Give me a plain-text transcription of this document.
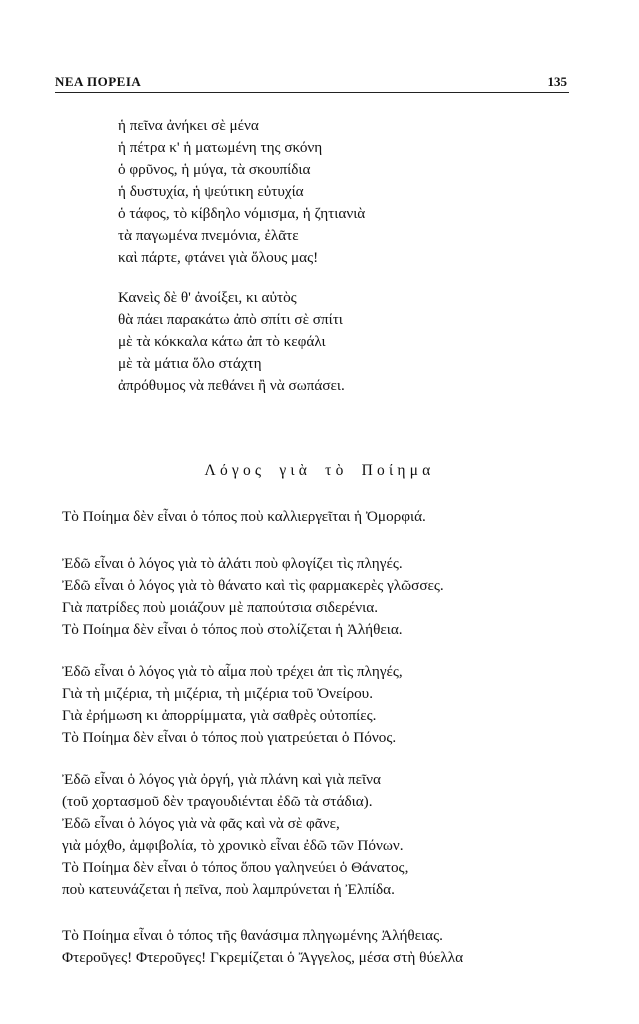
ΝΕΑ ΠΟΡΕΙΑ	135
ἡ πεῖνα ἀνήκει σὲ μένα
ἡ πέτρα κ' ἡ ματωμένη της σκόνη
ὁ φρῦνος, ἡ μύγα, τὰ σκουπίδια
ἡ δυστυχία, ἡ ψεύτικη εὐτυχία
ὁ τάφος, τὸ κίβδηλο νόμισμα, ἡ ζητιανιὰ
τὰ παγωμένα πνεμόνια, ἐλᾶτε
καὶ πάρτε, φτάνει γιὰ ὅλους μας!
Κανεὶς δὲ θ' ἀνοίξει, κι αὐτὸς
θὰ πάει παρακάτω ἀπὸ σπίτι σὲ σπίτι
μὲ τὰ κόκκαλα κάτω ἀπ τὸ κεφάλι
μὲ τὰ μάτια ὅλο στάχτη
ἀπρόθυμος νὰ πεθάνει ἢ νὰ σωπάσει.
Λόγος γιὰ τὸ Ποίημα
Τὸ Ποίημα δὲν εἶναι ὁ τόπος ποὺ καλλιεργεῖται ἡ Ὀμορφιά.
Ἐδῶ εἶναι ὁ λόγος γιὰ τὸ ἁλάτι ποὺ φλογίζει τὶς πληγές.
Ἐδῶ εἶναι ὁ λόγος γιὰ τὸ θάνατο καὶ τὶς φαρμακερὲς γλῶσσες.
Γιὰ πατρίδες ποὺ μοιάζουν μὲ παπούτσια σιδερένια.
Τὸ Ποίημα δὲν εἶναι ὁ τόπος ποὺ στολίζεται ἡ Ἀλήθεια.
Ἐδῶ εἶναι ὁ λόγος γιὰ τὸ αἷμα ποὺ τρέχει ἀπ τὶς πληγές,
Γιὰ τὴ μιζέρια, τὴ μιζέρια, τὴ μιζέρια τοῦ Ὀνείρου.
Γιὰ ἐρήμωση κι ἀπορρίμματα, γιὰ σαθρὲς οὐτοπίες.
Τὸ Ποίημα δὲν εἶναι ὁ τόπος ποὺ γιατρεύεται ὁ Πόνος.
Ἐδῶ εἶναι ὁ λόγος γιὰ ὀργή, γιὰ πλάνη καὶ γιὰ πεῖνα
(τοῦ χορτασμοῦ δὲν τραγουδιένται ἐδῶ τὰ στάδια).
Ἐδῶ εἶναι ὁ λόγος γιὰ νὰ φᾶς καὶ νὰ σὲ φᾶνε,
γιὰ μόχθο, ἀμφιβολία, τὸ χρονικὸ εἶναι ἐδῶ τῶν Πόνων.
Τὸ Ποίημα δὲν εἶναι ὁ τόπος ὅπου γαληνεύει ὁ Θάνατος,
ποὺ κατευνάζεται ἡ πεῖνα, ποὺ λαμπρύνεται ἡ Ἐλπίδα.
Τὸ Ποίημα εἶναι ὁ τόπος τῆς θανάσιμα πληγωμένης Ἀλήθειας.
Φτεροῦγες! Φτεροῦγες! Γκρεμίζεται ὁ Ἄγγελος, μέσα στὴ θύελλα
